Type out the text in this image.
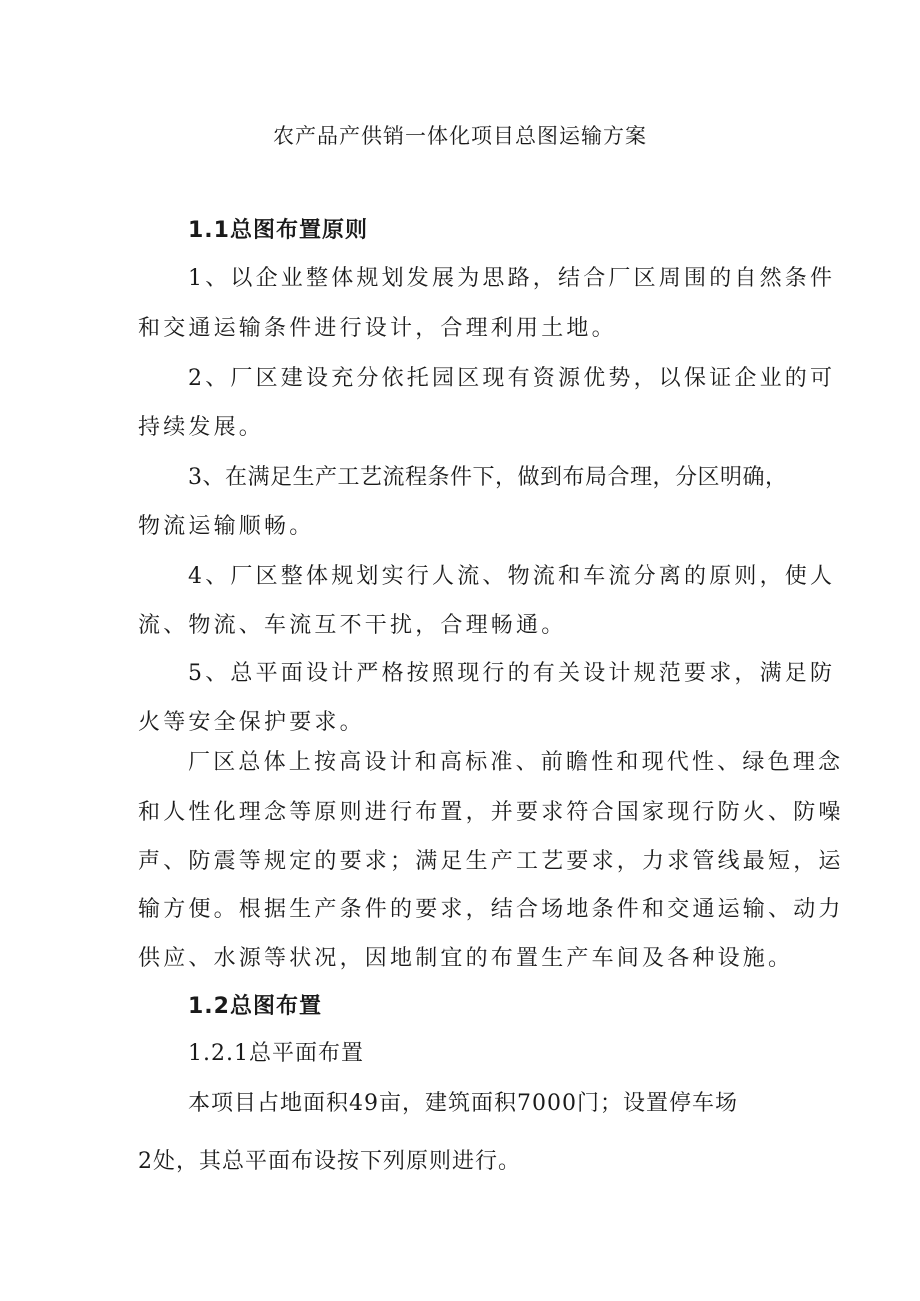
农产品产供销一体化项目总图运输方案
1.1总图布置原则
1、以企业整体规划发展为思路，结合厂区周围的自然条件
和交通运输条件进行设计，合理利用土地。
2、厂区建设充分依托园区现有资源优势，以保证企业的可
持续发展。
3、在满足生产工艺流程条件下，做到布局合理，分区明确，
物流运输顺畅。
4、厂区整体规划实行人流、物流和车流分离的原则，使人
流、物流、车流互不干扰，合理畅通。
5、总平面设计严格按照现行的有关设计规范要求，满足防
火等安全保护要求。
厂区总体上按高设计和高标准、前瞻性和现代性、绿色理念
和人性化理念等原则进行布置，并要求符合国家现行防火、防噪
声、防震等规定的要求；满足生产工艺要求，力求管线最短，运
输方便。根据生产条件的要求，结合场地条件和交通运输、动力
供应、水源等状况，因地制宜的布置生产车间及各种设施。
1.2总图布置
1.2.1总平面布置
本项目占地面积49亩，建筑面积7000门；设置停车场
2处，其总平面布设按下列原则进行。
